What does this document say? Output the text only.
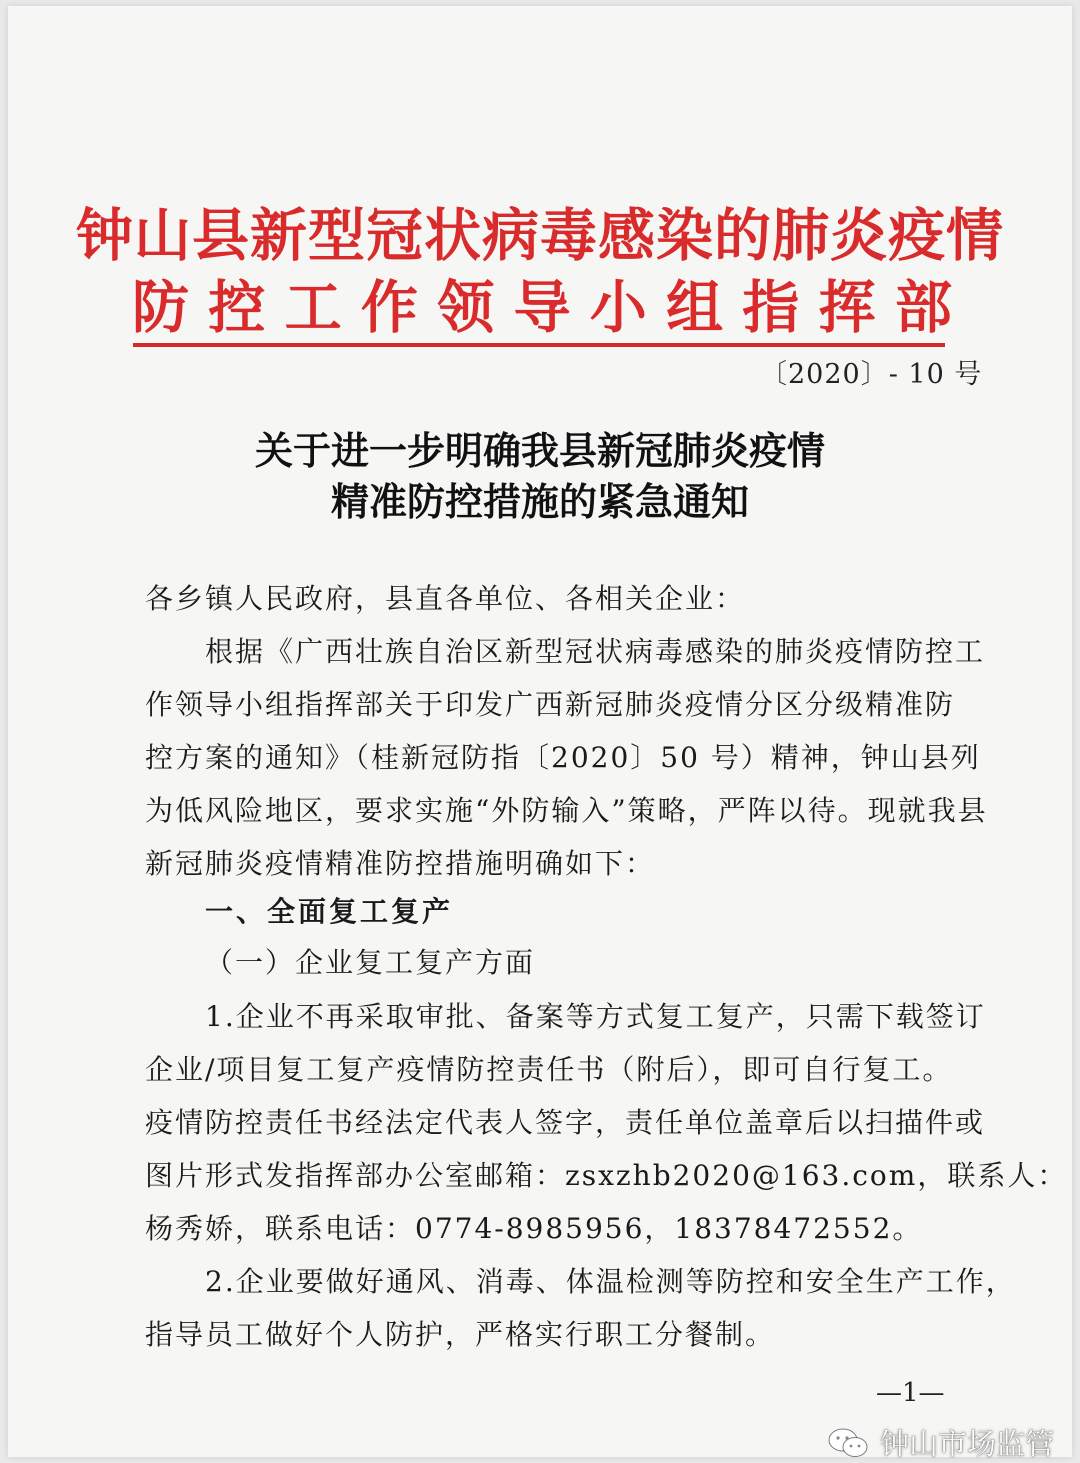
钟山县新型冠状病毒感染的肺炎疫情
防 控 工 作 领 导 小 组 指 挥 部
〔2020〕- 10 号
关于进一步明确我县新冠肺炎疫情
精准防控措施的紧急通知
各乡镇人民政府，县直各单位、各相关企业：
根据《广西壮族自治区新型冠状病毒感染的肺炎疫情防控工
作领导小组指挥部关于印发广西新冠肺炎疫情分区分级精准防
控方案的通知》（桂新冠防指〔2020〕50 号）精神，钟山县列
为低风险地区，要求实施“外防输入”策略，严阵以待。现就我县
新冠肺炎疫情精准防控措施明确如下：
一、全面复工复产
（一）企业复工复产方面
1.企业不再采取审批、备案等方式复工复产，只需下载签订
企业/项目复工复产疫情防控责任书（附后），即可自行复工。
疫情防控责任书经法定代表人签字，责任单位盖章后以扫描件或
图片形式发指挥部办公室邮箱：zsxzhb2020@163.com，联系人：
杨秀娇，联系电话：0774-8985956，18378472552。
2.企业要做好通风、消毒、体温检测等防控和安全生产工作，
指导员工做好个人防护，严格实行职工分餐制。
—1—
钟山市场监管
